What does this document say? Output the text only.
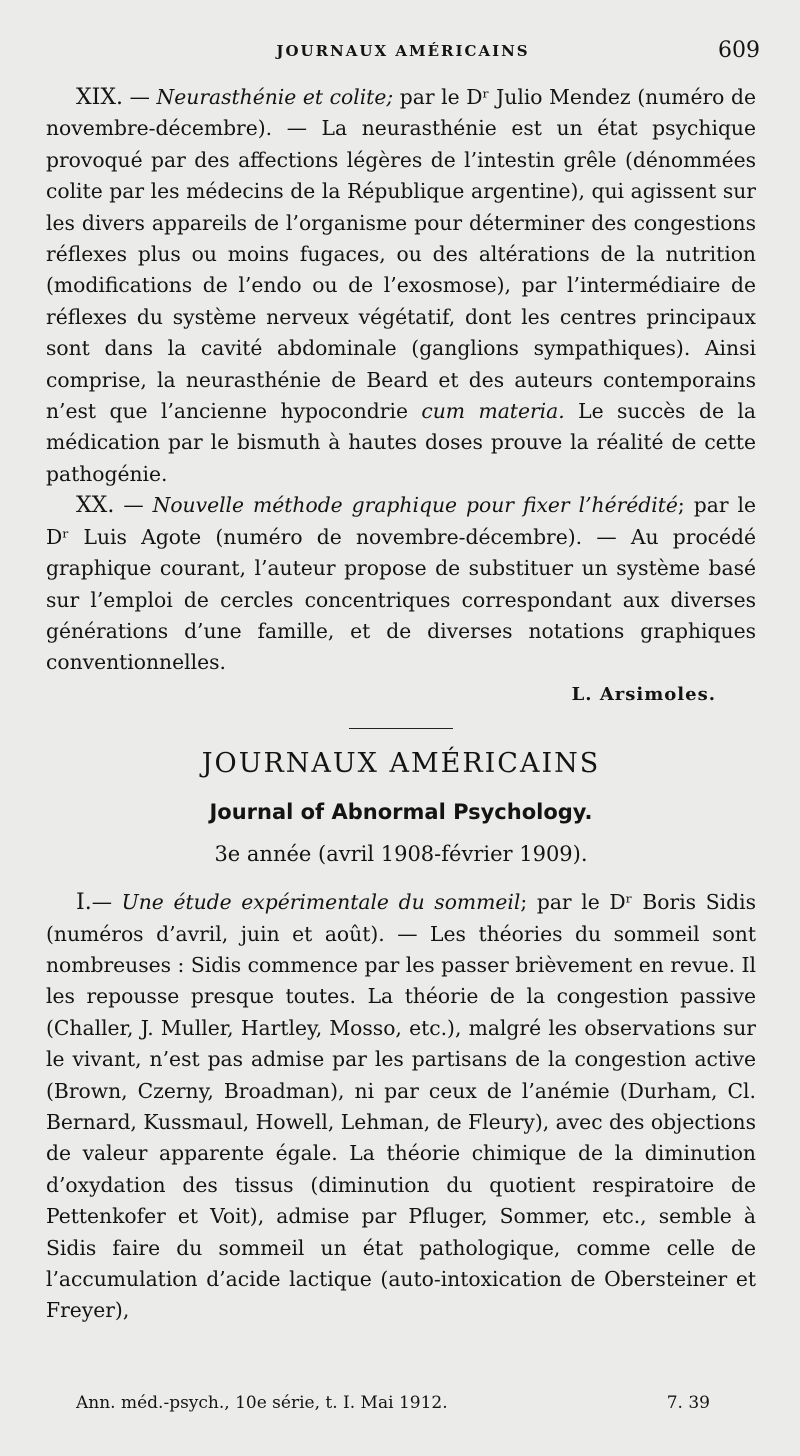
JOURNAUX AMÉRICAINS	609

XIX. — Neurasthénie et colite; par le Dʳ Julio Mendez (numéro de novembre-décembre). — La neurasthénie est un état psychique provoqué par des affections légères de l’intestin grêle (dénommées colite par les médecins de la République argentine), qui agissent sur les divers appareils de l’organisme pour déterminer des congestions réflexes plus ou moins fugaces, ou des altérations de la nutrition (modifications de l’endo ou de l’exosmose), par l’intermédiaire de réflexes du système nerveux végétatif, dont les centres principaux sont dans la cavité abdominale (ganglions sympathiques). Ainsi comprise, la neurasthénie de Beard et des auteurs contemporains n’est que l’ancienne hypocondrie cum materia. Le succès de la médication par le bismuth à hautes doses prouve la réalité de cette pathogénie.

XX. — Nouvelle méthode graphique pour fixer l’hérédité; par le Dʳ Luis Agote (numéro de novembre-décembre). — Au procédé graphique courant, l’auteur propose de substituer un système basé sur l’emploi de cercles concentriques correspondant aux diverses générations d’une famille, et de diverses notations graphiques conventionnelles.

L. Arsimoles.
JOURNAUX AMÉRICAINS
Journal of Abnormal Psychology.
3e année (avril 1908-février 1909).

I.— Une étude expérimentale du sommeil; par le Dʳ Boris Sidis (numéros d’avril, juin et août). — Les théories du sommeil sont nombreuses : Sidis commence par les passer brièvement en revue. Il les repousse presque toutes. La théorie de la congestion passive (Challer, J. Muller, Hartley, Mosso, etc.), malgré les observations sur le vivant, n’est pas admise par les partisans de la congestion active (Brown, Czerny, Broadman), ni par ceux de l’anémie (Durham, Cl. Bernard, Kussmaul, Howell, Lehman, de Fleury), avec des objections de valeur apparente égale. La théorie chimique de la diminution d’oxydation des tissus (diminution du quotient respiratoire de Pettenkofer et Voit), admise par Pfluger, Sommer, etc., semble à Sidis faire du sommeil un état pathologique, comme celle de l’accumulation d’acide lactique (auto-intoxication de Obersteiner et Freyer),

Ann. méd.-psych., 10e série, t. I. Mai 1912.	7. 39
